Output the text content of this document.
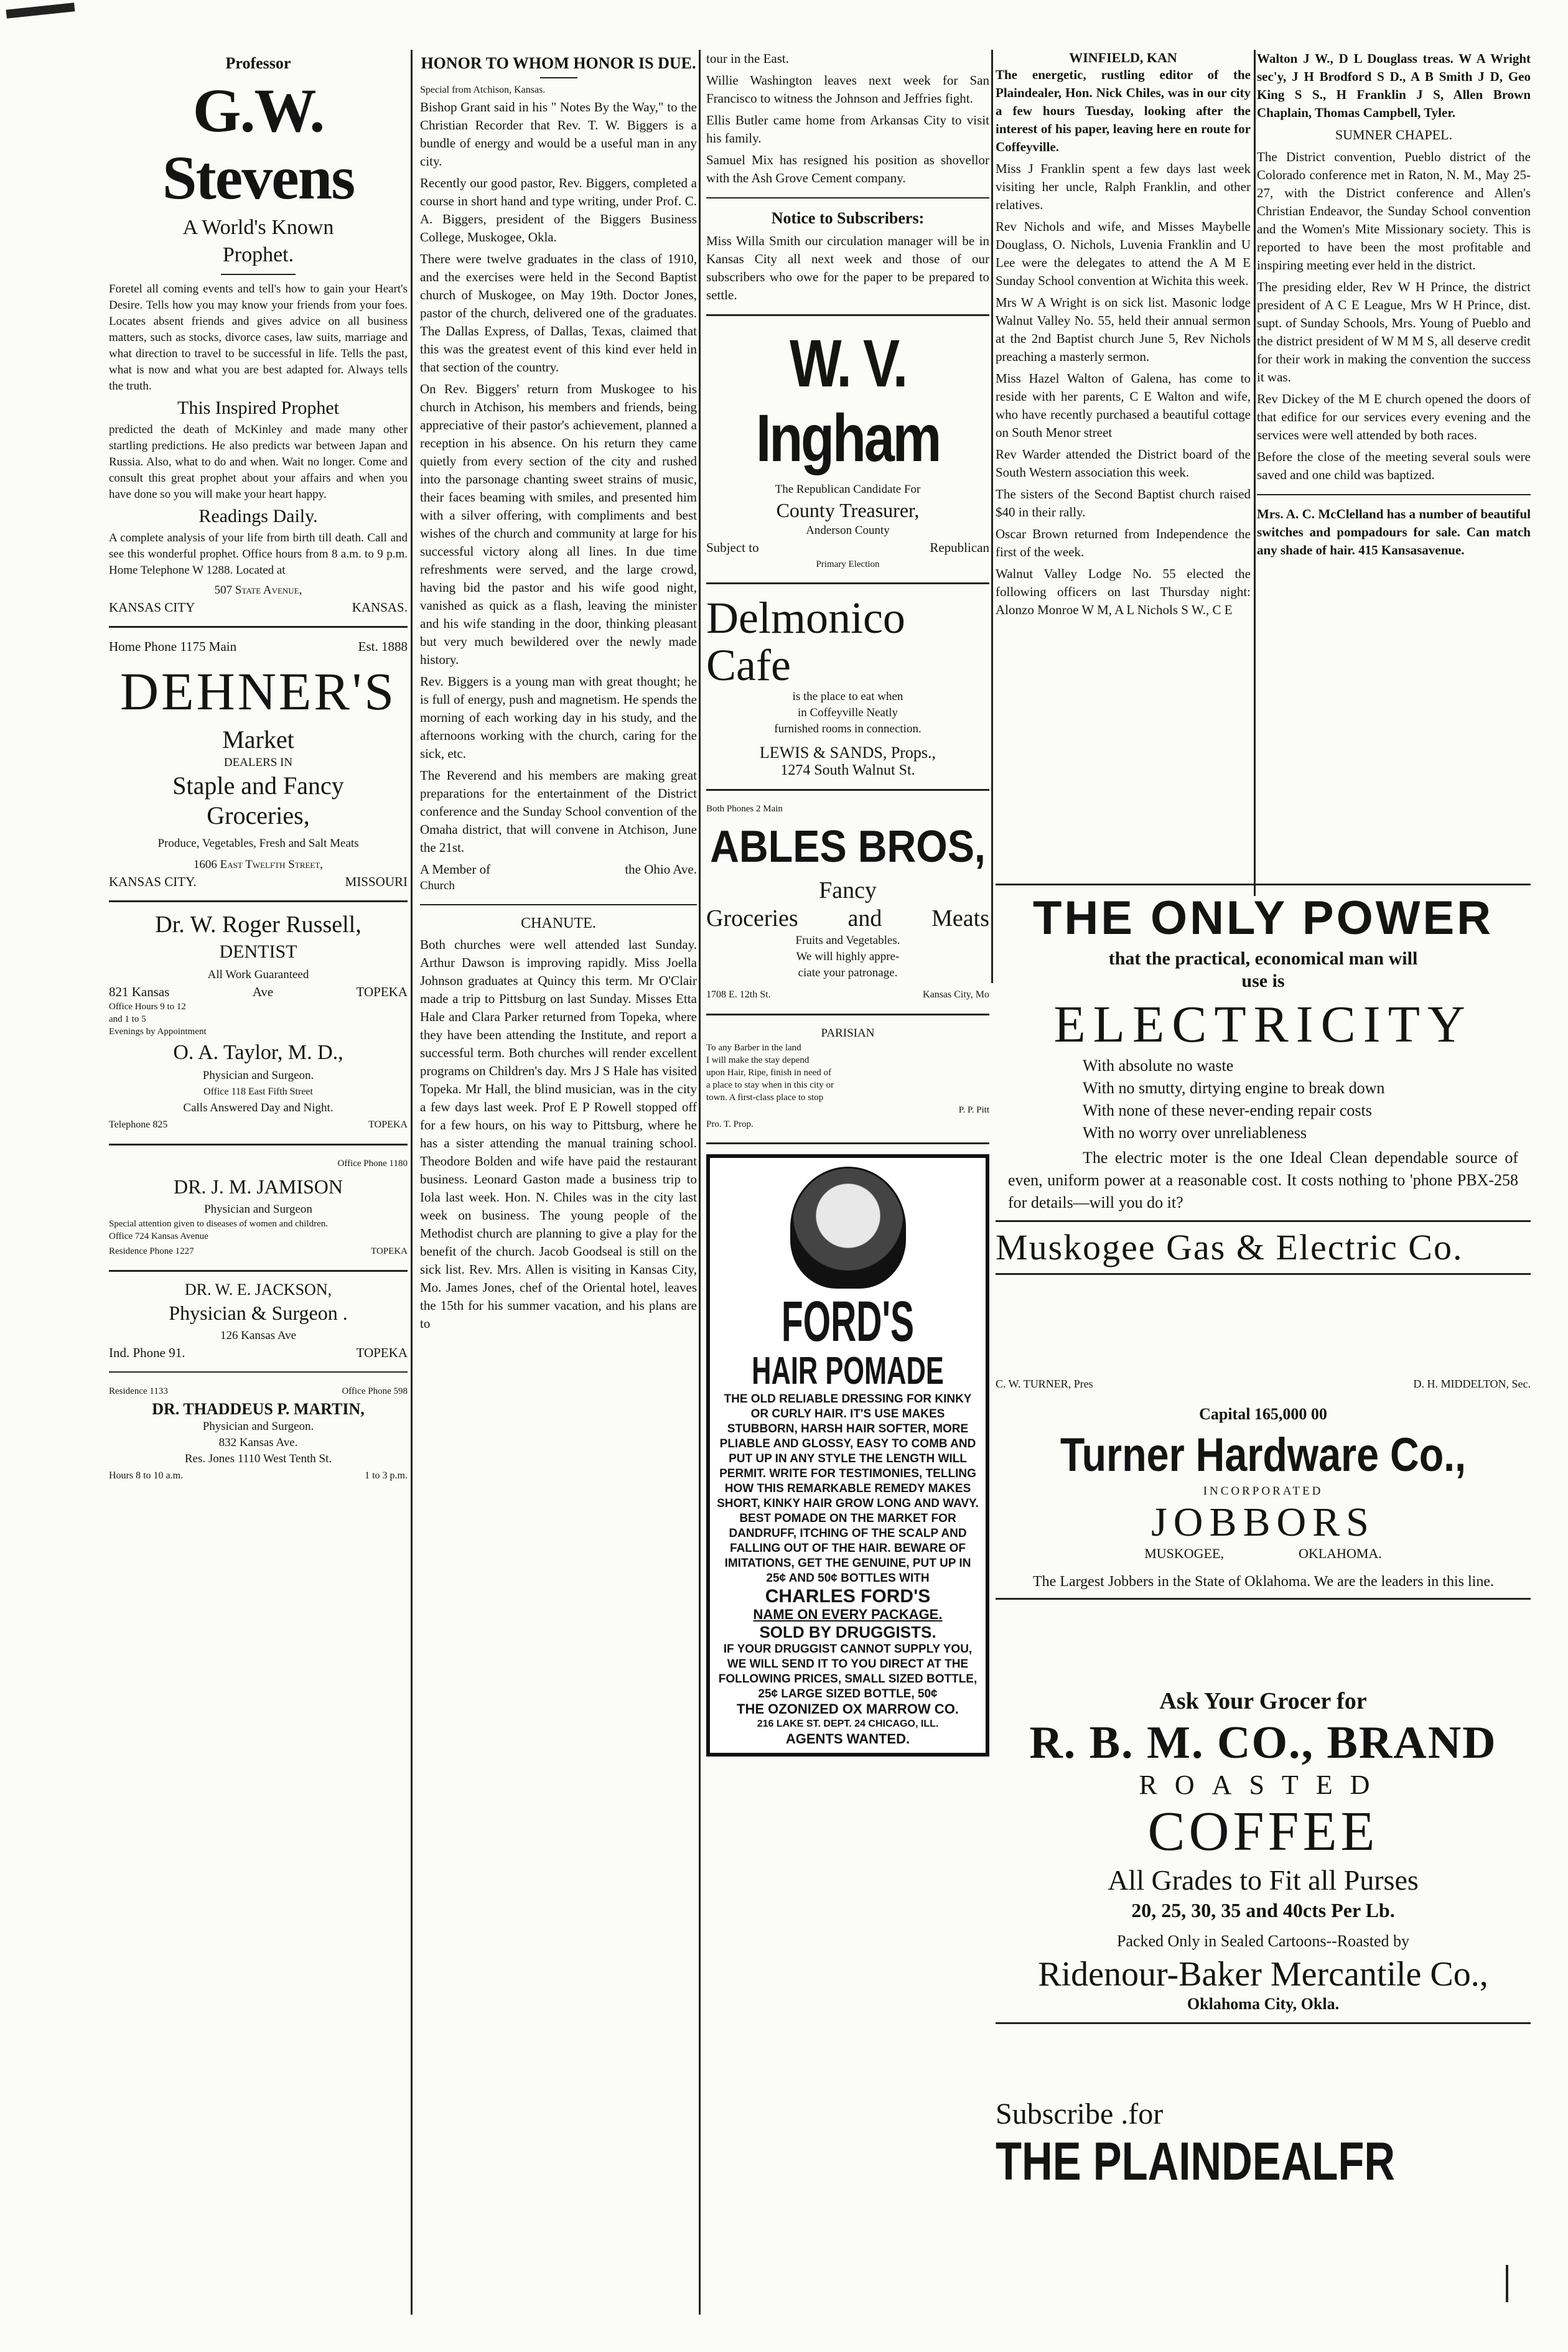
Professor
G.W. Stevens
A World's Known
Prophet.

Foretel all coming events and tell's how to gain your Heart's Desire. Tells how you may know your friends from your foes. Locates absent friends and gives advice on all business matters, such as stocks, divorce cases, law suits, marriage and what direction to travel to be successful in life. Tells the past, what is now and what you are best adapted for. Always tells the truth.

This Inspired Prophet

predicted the death of McKinley and made many other startling predictions. He also predicts war between Japan and Russia. Also, what to do and when. Wait no longer. Come and consult this great prophet about your affairs and when you have done so you will make your heart happy.

Readings Daily.

A complete analysis of your life from birth till death. Call and see this wonderful prophet. Office hours from 8 a.m. to 9 p.m. Home Telephone W 1288. Located at

507 State Avenue,
KANSAS CITY	KANSAS.
Home Phone 1175 Main	Est. 1888
DEHNER'S
Market
DEALERS IN
Staple and Fancy
Groceries,
Produce, Vegetables, Fresh and Salt Meats
1606 East Twelfth Street,
KANSAS CITY.	MISSOURI
Dr. W. Roger Russell,
DENTIST
All Work Guaranteed
821 Kansas	Ave	TOPEKA
Office Hours 9 to 12
and 1 to 5
Evenings by Appointment
O. A. Taylor, M. D.,
Physician and Surgeon.
Office 118 East Fifth Street
Calls Answered Day and Night.
Telephone 825	TOPEKA
Office Phone 1180
DR. J. M. JAMISON
Physician and Surgeon
Special attention given to diseases of women and children.
Office 724 Kansas Avenue
Residence Phone 1227	TOPEKA
DR. W. E. JACKSON,
Physician & Surgeon .
126 Kansas Ave
Ind. Phone 91.	TOPEKA
Residence 1133	Office Phone 598
DR. THADDEUS P. MARTIN,
Physician and Surgeon.
832 Kansas Ave.
Res. Jones 1110 West Tenth St.
Hours 8 to 10 a.m.	1 to 3 p.m.
HONOR TO WHOM HONOR IS DUE.
Special from Atchison, Kansas.

Bishop Grant said in his " Notes By the Way," to the Christian Recorder that Rev. T. W. Biggers is a bundle of energy and would be a useful man in any city.

Recently our good pastor, Rev. Biggers, completed a course in short hand and type writing, under Prof. C. A. Biggers, president of the Biggers Business College, Muskogee, Okla.

There were twelve graduates in the class of 1910, and the exercises were held in the Second Baptist church of Muskogee, on May 19th. Doctor Jones, pastor of the church, delivered one of the graduates. The Dallas Express, of Dallas, Texas, claimed that this was the greatest event of this kind ever held in that section of the country.

On Rev. Biggers' return from Muskogee to his church in Atchison, his members and friends, being appreciative of their pastor's achievement, planned a reception in his absence. On his return they came quietly from every section of the city and rushed into the parsonage chanting sweet strains of music, their faces beaming with smiles, and presented him with a silver offering, with compliments and best wishes of the church and community at large for his successful victory along all lines. In due time refreshments were served, and the large crowd, having bid the pastor and his wife good night, vanished as quick as a flash, leaving the minister and his wife standing in the door, thinking pleasant but very much bewildered over the newly made history.

Rev. Biggers is a young man with great thought; he is full of energy, push and magnetism. He spends the morning of each working day in his study, and the afternoons working with the church, caring for the sick, etc.

The Reverend and his members are making great preparations for the entertainment of the District conference and the Sunday School convention of the Omaha district, that will convene in Atchison, June the 21st.

A Member of	the Ohio Ave.
Church
CHANUTE.

Both churches were well attended last Sunday. Arthur Dawson is improving rapidly. Miss Joella Johnson graduates at Quincy this term. Mr O'Clair made a trip to Pittsburg on last Sunday. Misses Etta Hale and Clara Parker returned from Topeka, where they have been attending the Institute, and report a successful term. Both churches will render excellent programs on Children's day. Mrs J S Hale has visited Topeka. Mr Hall, the blind musician, was in the city a few days last week. Prof E P Rowell stopped off for a few hours, on his way to Pittsburg, where he has a sister attending the manual training school. Theodore Bolden and wife have paid the restaurant business. Leonard Gaston made a business trip to Iola last week. Hon. N. Chiles was in the city last week on business. The young people of the Methodist church are planning to give a play for the benefit of the church. Jacob Goodseal is still on the sick list. Rev. Mrs. Allen is visiting in Kansas City, Mo. James Jones, chef of the Oriental hotel, leaves the 15th for his summer vacation, and his plans are to

tour in the East.

Willie Washington leaves next week for San Francisco to witness the Johnson and Jeffries fight.

Ellis Butler came home from Arkansas City to visit his family.

Samuel Mix has resigned his position as shovellor with the Ash Grove Cement company.

Notice to Subscribers:

Miss Willa Smith our circulation manager will be in Kansas City all next week and those of our subscribers who owe for the paper to be prepared to settle.

W. V. Ingham
The Republican Candidate For
County Treasurer,
Anderson County
Subject to	Republican
Primary Election
Delmonico
Cafe
is the place to eat when
in Coffeyville Neatly
furnished rooms in connection.
LEWIS & SANDS, Props.,
1274 South Walnut St.
Both Phones 2 Main
ABLES BROS,
Fancy
Groceries and Meats
Fruits and Vegetables.
We will highly appre-
ciate your patronage.
1708 E. 12th St.	Kansas City, Mo
PARISIAN
To any Barber in the land
I will make the stay depend
upon Hair, Ripe, finish in need of
a place to stay when in this city or
town. A first-class place to stop
P. P. Pitt
Pro. T. Prop.
FORD'S
HAIR POMADE
THE OLD RELIABLE DRESSING FOR KINKY OR CURLY HAIR. IT'S USE MAKES STUBBORN, HARSH HAIR SOFTER, MORE PLIABLE AND GLOSSY, EASY TO COMB AND PUT UP IN ANY STYLE THE LENGTH WILL PERMIT. WRITE FOR TESTIMONIES, TELLING HOW THIS REMARKABLE REMEDY MAKES SHORT, KINKY HAIR GROW LONG AND WAVY. BEST POMADE ON THE MARKET FOR DANDRUFF, ITCHING OF THE SCALP AND FALLING OUT OF THE HAIR. BEWARE OF IMITATIONS, GET THE GENUINE, PUT UP IN 25¢ AND 50¢ BOTTLES WITH
CHARLES FORD'S
NAME ON EVERY PACKAGE.
SOLD BY DRUGGISTS.
IF YOUR DRUGGIST CANNOT SUPPLY YOU, WE WILL SEND IT TO YOU DIRECT AT THE FOLLOWING PRICES, SMALL SIZED BOTTLE, 25¢ LARGE SIZED BOTTLE, 50¢
THE OZONIZED OX MARROW CO.
216 LAKE ST. DEPT. 24 CHICAGO, ILL.
AGENTS WANTED.
WINFIELD, KAN

The energetic, rustling editor of the Plaindealer, Hon. Nick Chiles, was in our city a few hours Tuesday, looking after the interest of his paper, leaving here en route for Coffeyville.

Miss J Franklin spent a few days last week visiting her uncle, Ralph Franklin, and other relatives.

Rev Nichols and wife, and Misses Maybelle Douglass, O. Nichols, Luvenia Franklin and U Lee were the delegates to attend the A M E Sunday School convention at Wichita this week.

Mrs W A Wright is on sick list. Masonic lodge Walnut Valley No. 55, held their annual sermon at the 2nd Baptist church June 5, Rev Nichols preaching a masterly sermon.

Miss Hazel Walton of Galena, has come to reside with her parents, C E Walton and wife, who have recently purchased a beautiful cottage on South Menor street

Rev Warder attended the District board of the South Western association this week.

The sisters of the Second Baptist church raised $40 in their rally.

Oscar Brown returned from Independence the first of the week.

Walnut Valley Lodge No. 55 elected the following officers on last Thursday night: Alonzo Monroe W M, A L Nichols S W., C E

Walton J W., D L Douglass treas. W A Wright sec'y, J H Brodford S D., A B Smith J D, Geo King S S., H Franklin J S, Allen Brown Chaplain, Thomas Campbell, Tyler.

SUMNER CHAPEL.

The District convention, Pueblo district of the Colorado conference met in Raton, N. M., May 25-27, with the District conference and Allen's Christian Endeavor, the Sunday School convention and the Women's Mite Missionary society. This is reported to have been the most profitable and inspiring meeting ever held in the district.

The presiding elder, Rev W H Prince, the district president of A C E League, Mrs W H Prince, dist. supt. of Sunday Schools, Mrs. Young of Pueblo and the district president of W M M S, all deserve credit for their work in making the convention the success it was.

Rev Dickey of the M E church opened the doors of that edifice for our services every evening and the services were well attended by both races.

Before the close of the meeting several souls were saved and one child was baptized.

Mrs. A. C. McClelland has a number of beautiful switches and pompadours for sale. Can match any shade of hair. 415 Kansasavenue.

THE ONLY POWER
that the practical, economical man will use is
ELECTRICITY
With absolute no waste
With no smutty, dirtying engine to break down
With none of these never-ending repair costs
With no worry over unreliableness

The electric moter is the one Ideal Clean dependable source of even, uniform power at a reasonable cost. It costs nothing to 'phone PBX-258 for details—will you do it?

Muskogee Gas & Electric Co.
C. W. TURNER, Pres	D. H. MIDDELTON, Sec.
Capital 165,000 00
Turner Hardware Co.,
INCORPORATED
JOBBORS
MUSKOGEE,	OKLAHOMA.

The Largest Jobbers in the State of Oklahoma. We are the leaders in this line.

Ask Your Grocer for
R. B. M. CO., BRAND
ROASTED
COFFEE
All Grades to Fit all Purses
20, 25, 30, 35 and 40cts Per Lb.
Packed Only in Sealed Cartoons--Roasted by
Ridenour-Baker Mercantile Co.,
Oklahoma City, Okla.
Subscribe .for
THE PLAINDEALFR
